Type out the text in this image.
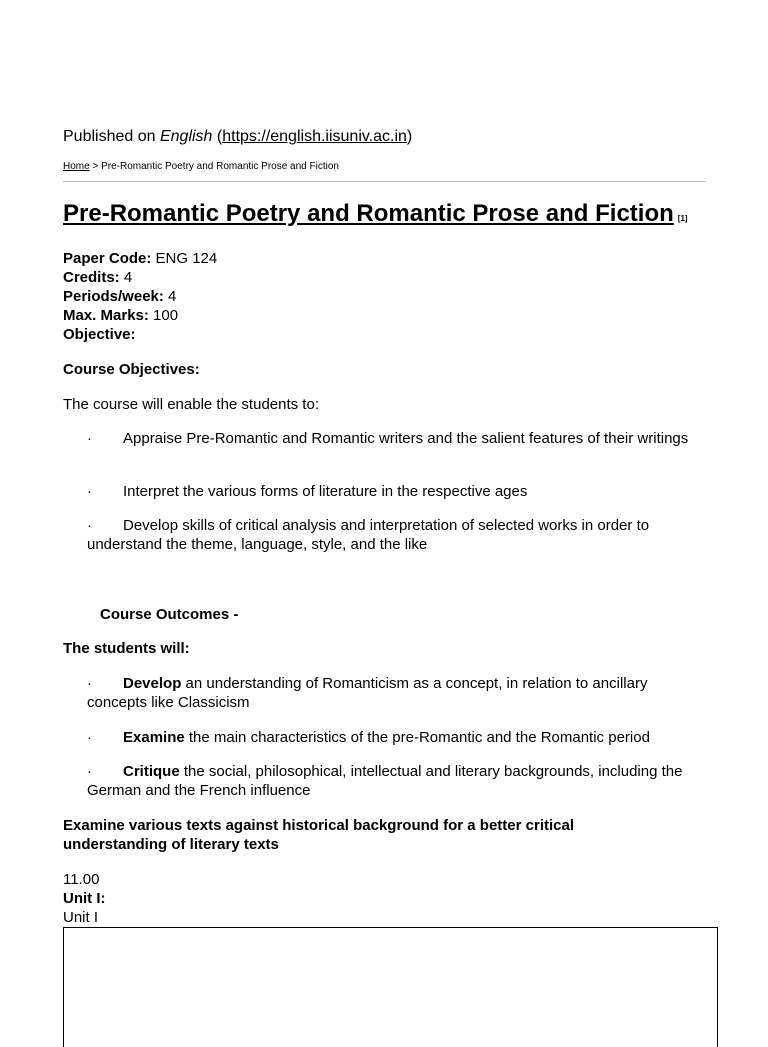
Published on English (https://english.iisuniv.ac.in)
Home > Pre-Romantic Poetry and Romantic Prose and Fiction
Pre-Romantic Poetry and Romantic Prose and Fiction [1]
Paper Code: ENG 124
Credits: 4
Periods/week: 4
Max. Marks: 100
Objective:

Course Objectives:

The course will enable the students to:

· Appraise Pre-Romantic and Romantic writers and the salient features of their writings

· Interpret the various forms of literature in the respective ages

· Develop skills of critical analysis and interpretation of selected works in order to understand the theme, language, style, and the like

Course Outcomes -

The students will:

· Develop an understanding of Romanticism as a concept, in relation to ancillary concepts like Classicism

· Examine the main characteristics of the pre-Romantic and the Romantic period

· Critique the social, philosophical, intellectual and literary backgrounds, including the German and the French influence

Examine various texts against historical background for a better critical understanding of literary texts

11.00
Unit I:
Unit I
